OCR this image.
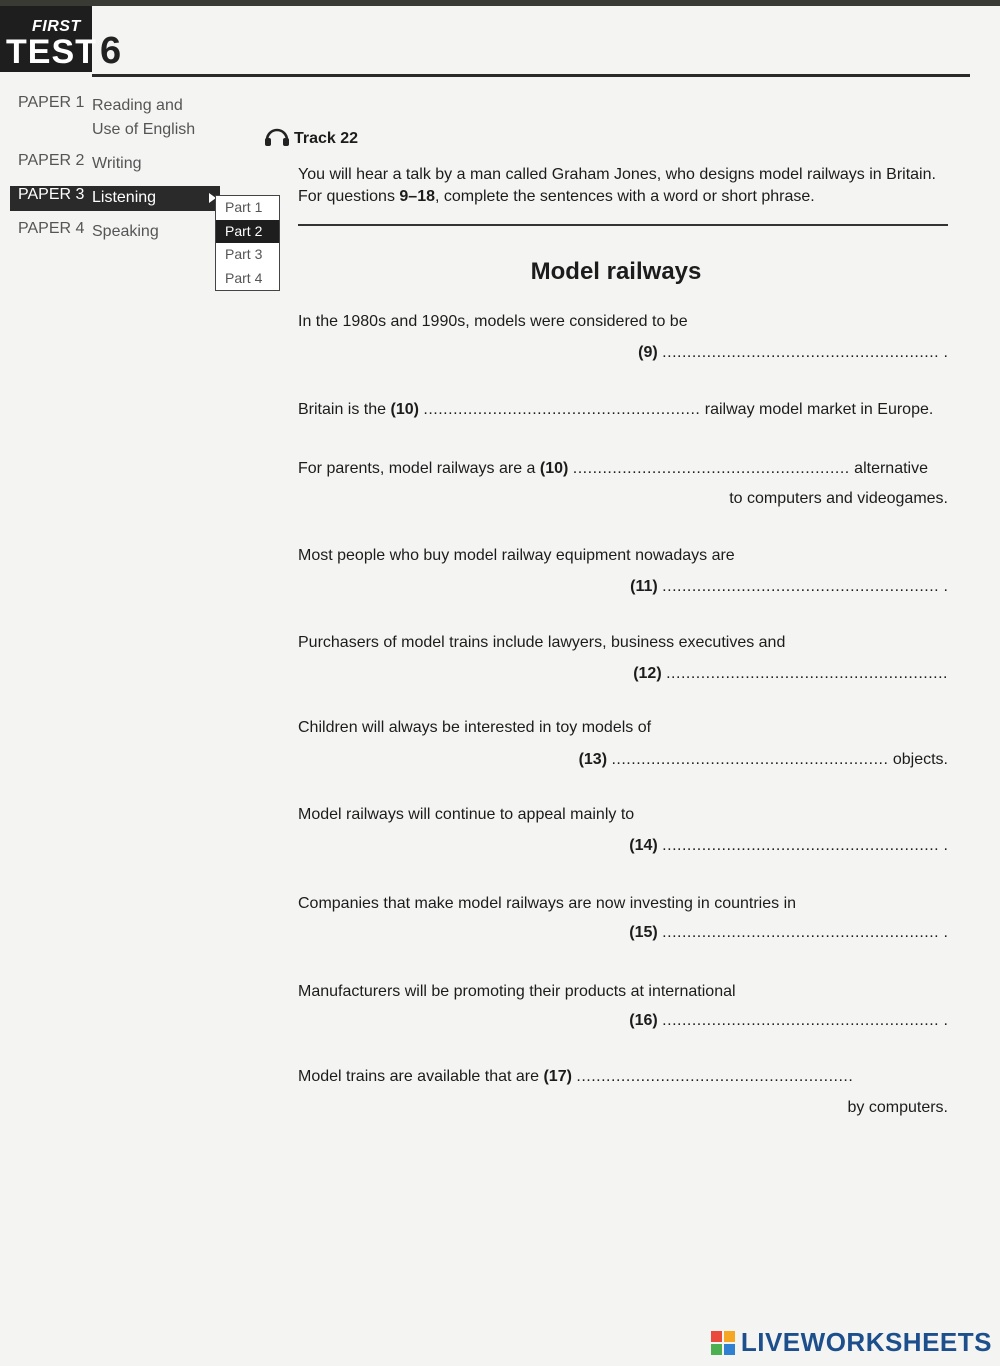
FIRST
TEST 6
PAPER 1 Reading and
Use of English
PAPER 2 Writing
PAPER 3 Listening
PAPER 4 Speaking
Part 1
Part 2
Part 3
Part 4
Track 22
You will hear a talk by a man called Graham Jones, who designs model railways in Britain. For questions 9–18, complete the sentences with a word or short phrase.
Model railways
In the 1980s and 1990s, models were considered to be
(9) ........................................................ .
Britain is the (10) ........................................................ railway model market in Europe.
For parents, model railways are a (10) ........................................................ alternative
to computers and videogames.
Most people who buy model railway equipment nowadays are
(11) ........................................................ .
Purchasers of model trains include lawyers, business executives and
(12) .........................................................
Children will always be interested in toy models of
(13) ........................................................ objects.
Model railways will continue to appeal mainly to
(14) ........................................................ .
Companies that make model railways are now investing in countries in
(15) ........................................................ .
Manufacturers will be promoting their products at international
(16) ........................................................ .
Model trains are available that are (17) ........................................................
by computers.
LIVEWORKSHEETS
